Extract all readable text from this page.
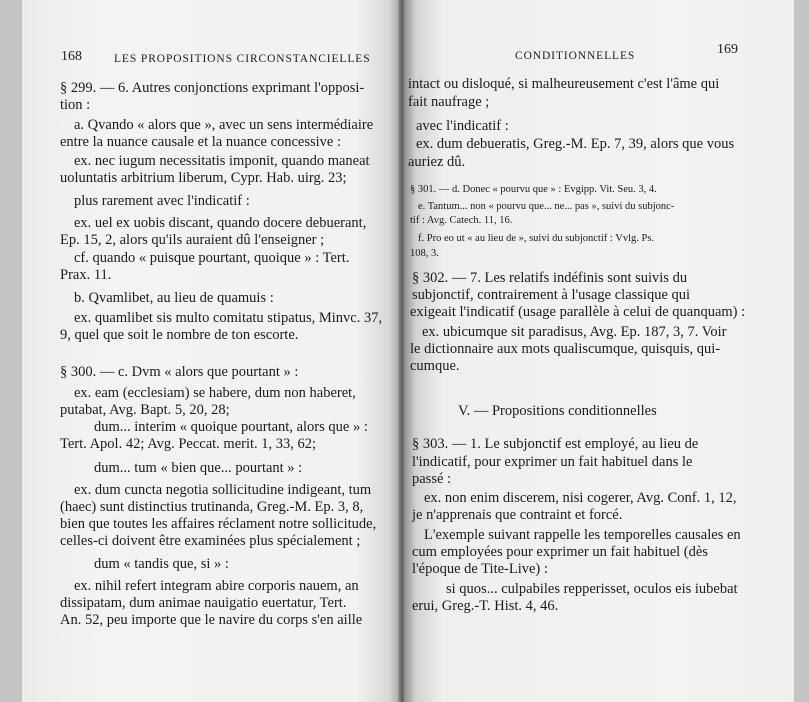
168	LES PROPOSITIONS CIRCONSTANCIELLES
§ 299. — 6. Autres conjonctions exprimant l'opposi-
tion :
a. Qvando « alors que », avec un sens intermédiaire
entre la nuance causale et la nuance concessive :
ex. nec iugum necessitatis imponit, quando maneat
uoluntatis arbitrium liberum, Cypr. Hab. uirg. 23;
plus rarement avec l'indicatif :
ex. uel ex uobis discant, quando docere debuerant,
Ep. 15, 2, alors qu'ils auraient dû l'enseigner ;
cf. quando « puisque pourtant, quoique » : Tert.
Prax. 11.
b. Qvamlibet, au lieu de quamuis :
ex. quamlibet sis multo comitatu stipatus, Minvc. 37,
9, quel que soit le nombre de ton escorte.
§ 300. — c. Dvm « alors que pourtant » :
ex. eam (ecclesiam) se habere, dum non haberet,
putabat, Avg. Bapt. 5, 20, 28;
dum... interim « quoique pourtant, alors que » :
Tert. Apol. 42; Avg. Peccat. merit. 1, 33, 62;
dum... tum « bien que... pourtant » :
ex. dum cuncta negotia sollicitudine indigeant, tum
(haec) sunt distinctius trutinanda, Greg.-M. Ep. 3, 8,
bien que toutes les affaires réclament notre sollicitude,
celles-ci doivent être examinées plus spécialement ;
dum « tandis que, si » :
ex. nihil refert integram abire corporis nauem, an
dissipatam, dum animae nauigatio euertatur, Tert.
An. 52, peu importe que le navire du corps s'en aille
CONDITIONNELLES	169
intact ou disloqué, si malheureusement c'est l'âme qui
fait naufrage ;
avec l'indicatif :
ex. dum debueratis, Greg.-M. Ep. 7, 39, alors que vous
auriez dû.
§ 301. — d. Donec « pourvu que » : Evgipp. Vit. Seu. 3, 4.
e. Tantum... non « pourvu que... ne... pas », suivi du subjonc-
tif : Avg. Catech. 11, 16.
f. Pro eo ut « au lieu de », suivi du subjonctif : Vvlg. Ps.
108, 3.
§ 302. — 7. Les relatifs indéfinis sont suivis du
subjonctif, contrairement à l'usage classique qui
exigeait l'indicatif (usage parallèle à celui de quanquam) :
ex. ubicumque sit paradisus, Avg. Ep. 187, 3, 7. Voir
le dictionnaire aux mots qualiscumque, quisquis, qui-
cumque.
V. — Propositions conditionnelles
§ 303. — 1. Le subjonctif est employé, au lieu de
l'indicatif, pour exprimer un fait habituel dans le
passé :
ex. non enim discerem, nisi cogerer, Avg. Conf. 1, 12,
je n'apprenais que contraint et forcé.
L'exemple suivant rappelle les temporelles causales en
cum employées pour exprimer un fait habituel (dès
l'époque de Tite-Live) :
si quos... culpabiles repperisset, oculos eis iubebat
erui, Greg.-T. Hist. 4, 46.
